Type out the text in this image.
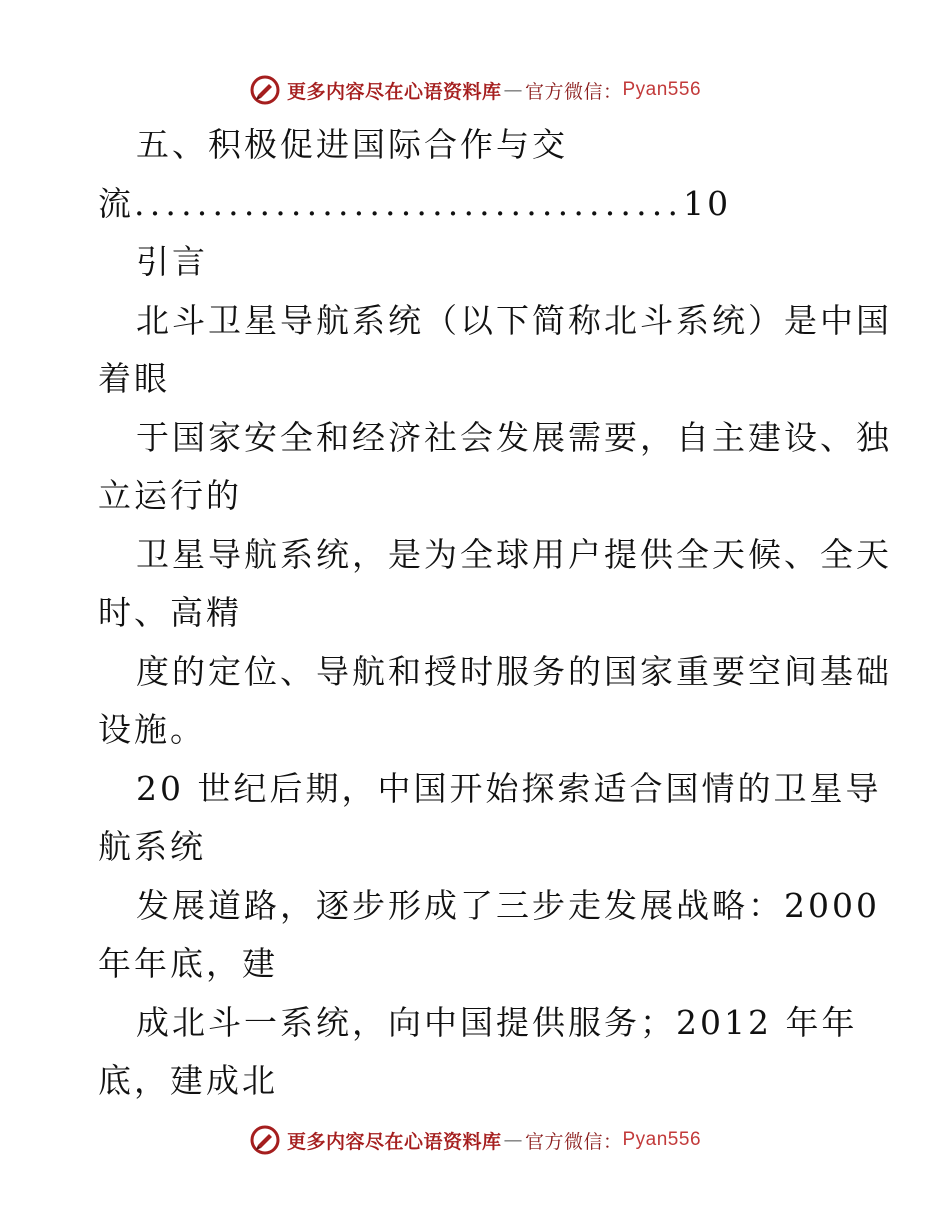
更多内容尽在心语资料库 — 官方微信： Pyan556
五、积极促进国际合作与交
流...................................10
引言
北斗卫星导航系统（以下简称北斗系统）是中国
着眼
于国家安全和经济社会发展需要，自主建设、独
立运行的
卫星导航系统，是为全球用户提供全天候、全天
时、高精
度的定位、导航和授时服务的国家重要空间基础
设施。
20 世纪后期，中国开始探索适合国情的卫星导
航系统
发展道路，逐步形成了三步走发展战略：2000
年年底，建
成北斗一系统，向中国提供服务；2012 年年
底，建成北
更多内容尽在心语资料库 — 官方微信： Pyan556
